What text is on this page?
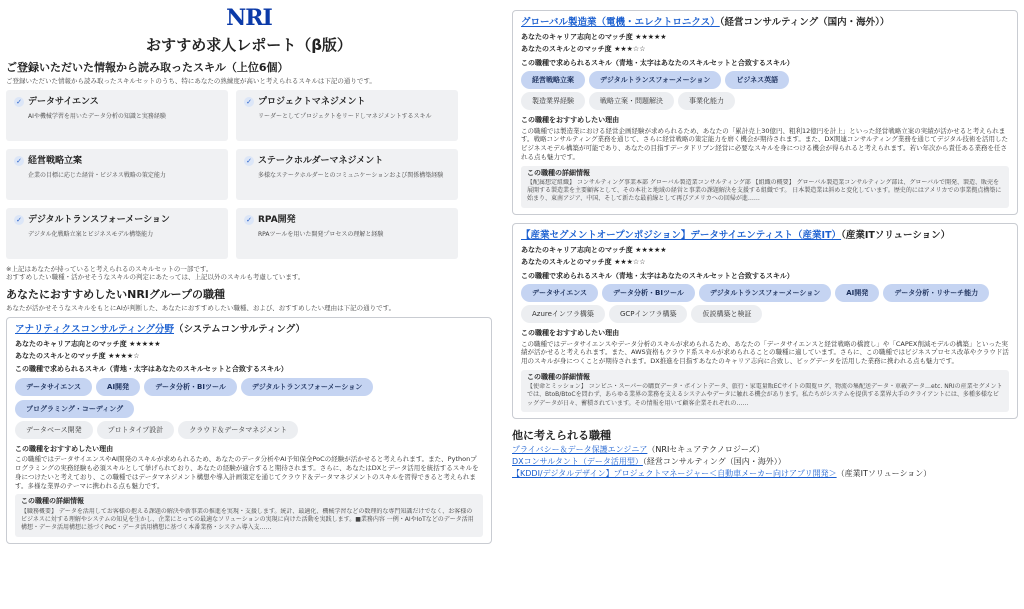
NRI
おすすめ求人レポート（β版）
ご登録いただいた情報から読み取ったスキル（上位6個）
ご登録いただいた情報から読み取ったスキルセットのうち、特にあなたの熟練度が高いと考えられるスキルは下記の通りです。
✓ データサイエンス
AIや機械学習を用いたデータ分析の知識と実務経験
✓ プロジェクトマネジメント
リーダーとしてプロジェクトをリードしマネジメントするスキル
✓ 経営戦略立案
企業の目標に応じた経営・ビジネス戦略の策定能力
✓ ステークホルダーマネジメント
多様なステークホルダーとのコミュニケーションおよび関係構築経験
✓ デジタルトランスフォーメーション
デジタル化戦略立案とビジネスモデル構築能力
✓ RPA開発
RPAツールを用いた開発プロセスの理解と経験
※上記はあなたが持っていると考えられるのスキルセットの一部です。
おすすめしたい職種・活かせそうなスキルの判定にあたっては、上記以外のスキルも考慮しています。
あなたにおすすめしたいNRIグループの職種
あなたが活かせそうなスキルをもとにAIが判断した、あなたにおすすめしたい職種、および、おすすめしたい理由は下記の通りです。
アナリティクスコンサルティング分野（システムコンサルティング）
あなたのキャリア志向とのマッチ度 ★★★★★
あなたのスキルとのマッチ度 ★★★★☆
この職種で求められるスキル（青地・太字はあなたのスキルセットと合致するスキル）
データサイエンス	AI開発	データ分析・BIツール	デジタルトランスフォーメーション
プログラミング・コーディング
データベース開発	プロトタイプ設計	クラウド＆データマネジメント
この職種をおすすめしたい理由
この職種ではデータサイエンスやAI開発のスキルが求められるため、あなたのデータ分析やAI予知保全PoCの経験が活かせると考えられます。また、Pythonプログラミングの実務経験も必須スキルとして挙げられており、あなたの経験が適合すると期待されます。さらに、あなたはDXとデータ活用を統括するスキルを身につけたいと考えており、この職種ではデータマネジメント構想や導入計画策定を通じてクラウド＆データマネジメントのスキルを習得できると考えられます。多様な業界のテーマに携われる点も魅力です。
この職種の詳細情報
【職務概要】 データを活用してお客様の抱える課題の解決や新事業の推進を実現・支援します。統計、最適化、機械学習などの数理的な専門知識だけでなく、お客様のビジネスに対する理解やシステムの知見を生かし、企業にとっての最適なソリューションの実現に向けた活動を実践します。■業務内容 一例・AIやIoTなどのデータ活用構想・データ活用構想に基づくPoC・データ活用構想に基づく本番業務・システム導入支……
グローバル製造業（電機・エレクトロニクス）（経営コンサルティング（国内・海外））
あなたのキャリア志向とのマッチ度 ★★★★★
あなたのスキルとのマッチ度 ★★★☆☆
この職種で求められるスキル（青地・太字はあなたのスキルセットと合致するスキル）
経営戦略立案	デジタルトランスフォーメーション	ビジネス英語
製造業界経験	戦略立案・問題解決	事業化能力
この職種をおすすめしたい理由
この職種では製造業における経営企画経験が求められるため、あなたの「累計売上30億円、粗利12億円を計上」といった経営戦略立案の実績が活かせると考えられます。戦略コンサルティング業務を通じて、さらに経営戦略の策定能力を磨く機会が期待されます。また、DX関連コンサルティング業務を通じてデジタル技術を活用したビジネスモデル構築が可能であり、あなたの目指すデータドリブン経営に必要なスキルを身につける機会が得られると考えられます。若い年次から責任ある業務を任される点も魅力です。
この職種の詳細情報
【配属想定組織】 コンサルティング事業本部 グローバル製造業コンサルティング部 【組織の概要】 グローバル製造業コンサルティング部は、グローバルで開発、製造、販売を展開する製造業を主要顧客として、その本社と地域の経営と事業の課題解決を支援する組織です。 日本製造業は斜めと変化しています。歴史的にはアメリカでの事業拠点構築に始まり、東南アジア、中国、そして新たな最前線として再びアメリカへの回帰が進……
【産業セグメントオープンポジション】データサイエンティスト（産業IT）（産業ITソリューション）
あなたのキャリア志向とのマッチ度 ★★★★★
あなたのスキルとのマッチ度 ★★★☆☆
この職種で求められるスキル（青地・太字はあなたのスキルセットと合致するスキル）
データサイエンス	データ分析・BIツール	デジタルトランスフォーメーション	AI開発	データ分析・リサーチ能力
Azureインフラ構築	GCPインフラ構築	仮説構築と検証
この職種をおすすめしたい理由
この職種ではデータサイエンスやデータ分析のスキルが求められるため、あなたの「データサイエンスと経営戦略の橋渡し」や「CAPEX削減モデルの構築」といった実績が活かせると考えられます。また、AWS資格もクラウド系スキルが求められることの職種に適しています。さらに、この職種ではビジネスプロセス改革やクラウド活用のスキルが身につくことが期待されます。DX推進を目指すあなたのキャリア志向に合致し、ビッグデータを活用した業務に携われる点も魅力です。
この職種の詳細情報
【使命とミッション】 コンビニ・スーパーの購買データ・ポイントデータ、旅行・家電量販ECサイトの閲覧ログ、物流の集配送データ・車載データ…etc. NRIの産業セグメントでは、BtoB/BtoCを問わず、あらゆる業界の業務を支えるシステムやデータに触れる機会があります。私たちがシステムを提供する業界大手のクライアントには、多種多様なビッグデータが日々、蓄積されています。その情報を用いて顧客企業それぞれの……
他に考えられる職種
プライバシー＆データ保護エンジニア（NRIセキュアテクノロジーズ）
DXコンサルタント（データ活用型）（経営コンサルティング（国内・海外））
【KDDI/デジタルデザイン】プロジェクトマネージャー＜自動車メーカー向けアプリ開発＞（産業ITソリューション）
